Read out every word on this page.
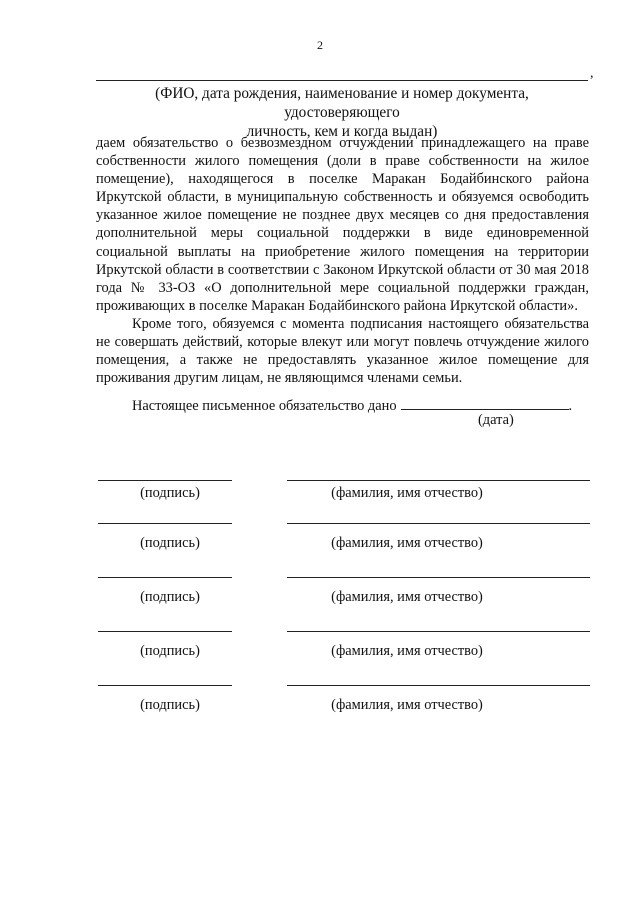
2
,
(ФИО, дата рождения, наименование и номер документа, удостоверяющего
личность, кем и когда выдан)

даем обязательство о безвозмездном отчуждении принадлежащего на праве собственности жилого помещения (доли в праве собственности на жилое помещение), находящегося в поселке Маракан Бодайбинского района Иркутской области, в муниципальную собственность и обязуемся освободить указанное жилое помещение не позднее двух месяцев со дня предоставления дополнительной меры социальной поддержки в виде единовременной социальной выплаты на приобретение жилого помещения на территории Иркутской области в соответствии с Законом Иркутской области от 30 мая 2018 года № 33-ОЗ «О дополнительной мере социальной поддержки граждан, проживающих в поселке Маракан Бодайбинского района Иркутской области».

Кроме того, обязуемся с момента подписания настоящего обязательства не совершать действий, которые влекут или могут повлечь отчуждение жилого помещения, а также не предоставлять указанное жилое помещение для проживания другим лицам, не являющимся членами семьи.

Настоящее письменное обязательство дано	.
(дата)
(подпись)	(фамилия, имя отчество)
(подпись)	(фамилия, имя отчество)
(подпись)	(фамилия, имя отчество)
(подпись)	(фамилия, имя отчество)
(подпись)	(фамилия, имя отчество)
